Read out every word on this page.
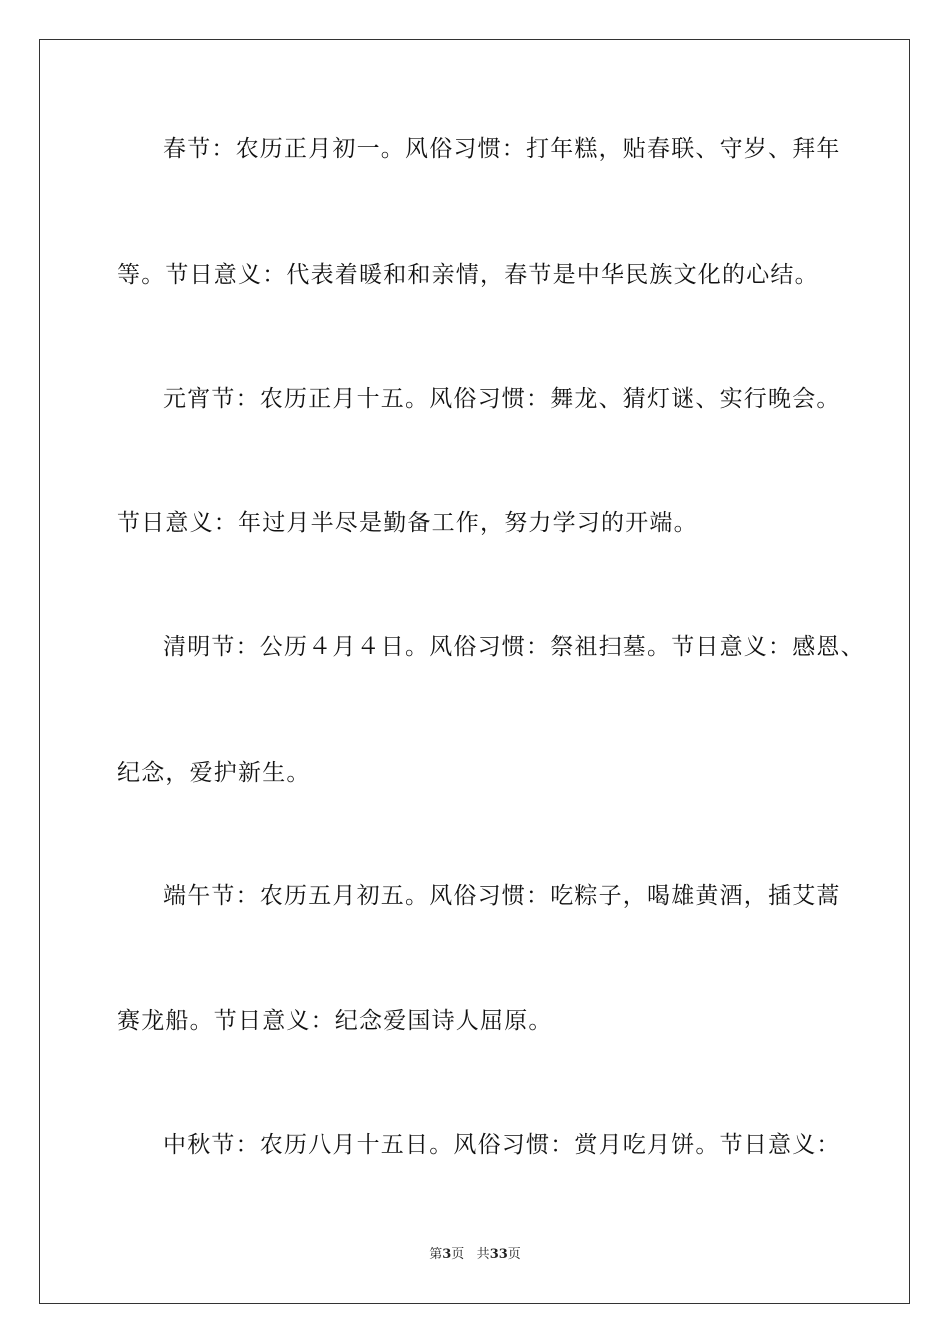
春节：农历正月初一。风俗习惯：打年糕，贴春联、守岁、拜年
等。节日意义：代表着暖和和亲情，春节是中华民族文化的心结。
元宵节：农历正月十五。风俗习惯：舞龙、猜灯谜、实行晚会。
节日意义：年过月半尽是勤备工作，努力学习的开端。
清明节：公历４月４日。风俗习惯：祭祖扫墓。节日意义：感恩、
纪念，爱护新生。
端午节：农历五月初五。风俗习惯：吃粽子，喝雄黄酒，插艾蒿
赛龙船。节日意义：纪念爱国诗人屈原。
中秋节：农历八月十五日。风俗习惯：赏月吃月饼。节日意义：
第3页 共33页
